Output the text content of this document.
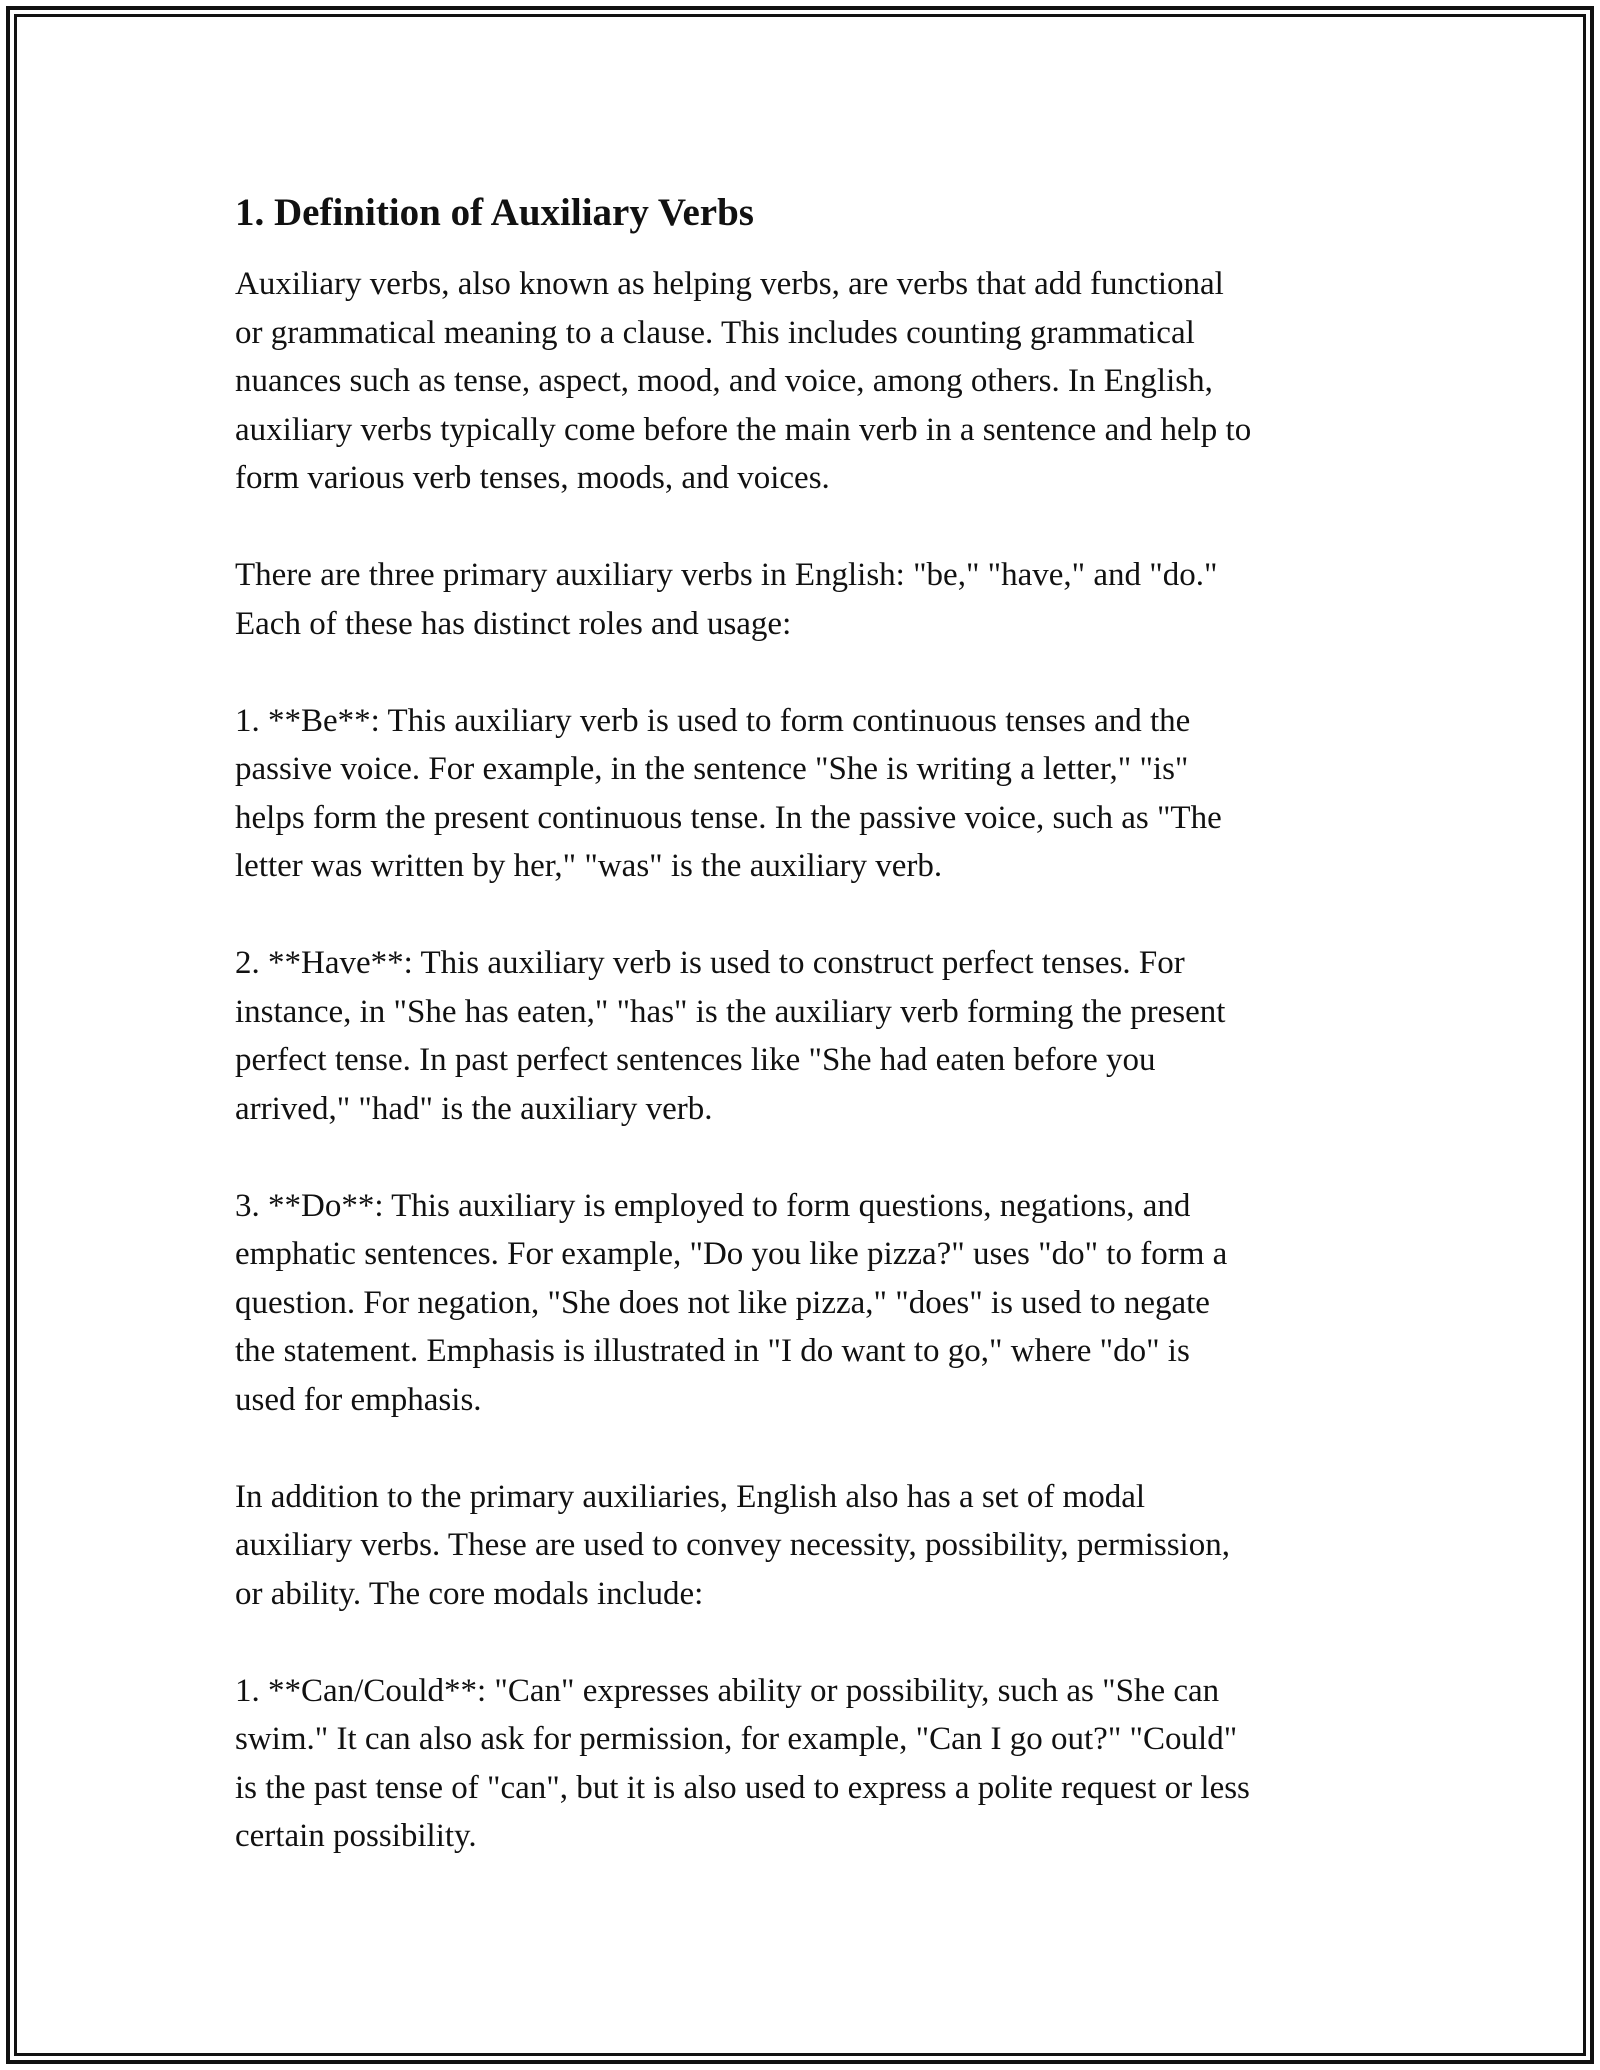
1. Definition of Auxiliary Verbs

Auxiliary verbs, also known as helping verbs, are verbs that add functional
or grammatical meaning to a clause. This includes counting grammatical
nuances such as tense, aspect, mood, and voice, among others. In English,
auxiliary verbs typically come before the main verb in a sentence and help to
form various verb tenses, moods, and voices.

There are three primary auxiliary verbs in English: "be," "have," and "do."
Each of these has distinct roles and usage:

1. **Be**: This auxiliary verb is used to form continuous tenses and the
passive voice. For example, in the sentence "She is writing a letter," "is"
helps form the present continuous tense. In the passive voice, such as "The
letter was written by her," "was" is the auxiliary verb.

2. **Have**: This auxiliary verb is used to construct perfect tenses. For
instance, in "She has eaten," "has" is the auxiliary verb forming the present
perfect tense. In past perfect sentences like "She had eaten before you
arrived," "had" is the auxiliary verb.

3. **Do**: This auxiliary is employed to form questions, negations, and
emphatic sentences. For example, "Do you like pizza?" uses "do" to form a
question. For negation, "She does not like pizza," "does" is used to negate
the statement. Emphasis is illustrated in "I do want to go," where "do" is
used for emphasis.

In addition to the primary auxiliaries, English also has a set of modal
auxiliary verbs. These are used to convey necessity, possibility, permission,
or ability. The core modals include:

1. **Can/Could**: "Can" expresses ability or possibility, such as "She can
swim." It can also ask for permission, for example, "Can I go out?" "Could"
is the past tense of "can", but it is also used to express a polite request or less
certain possibility.
